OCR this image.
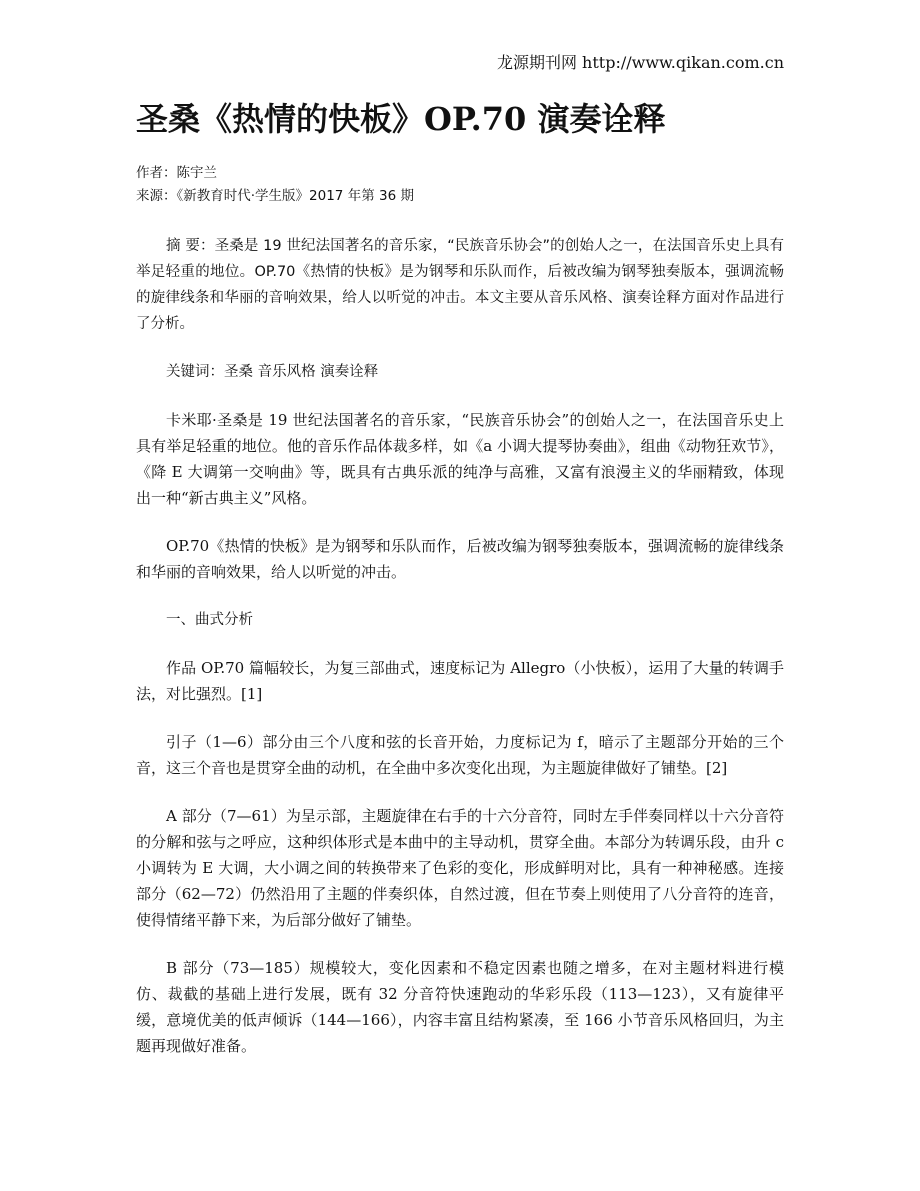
龙源期刊网 http://www.qikan.com.cn
圣桑《热情的快板》OP.70 演奏诠释
作者：陈宇兰
来源：《新教育时代·学生版》2017 年第 36 期

摘 要：圣桑是 19 世纪法国著名的音乐家，“民族音乐协会”的创始人之一，在法国音乐史上具有举足轻重的地位。OP.70《热情的快板》是为钢琴和乐队而作，后被改编为钢琴独奏版本，强调流畅的旋律线条和华丽的音响效果，给人以听觉的冲击。本文主要从音乐风格、演奏诠释方面对作品进行了分析。

关键词：圣桑 音乐风格 演奏诠释

卡米耶·圣桑是 19 世纪法国著名的音乐家，“民族音乐协会”的创始人之一，在法国音乐史上具有举足轻重的地位。他的音乐作品体裁多样，如《a 小调大提琴协奏曲》，组曲《动物狂欢节》，《降 E 大调第一交响曲》等，既具有古典乐派的纯净与高雅，又富有浪漫主义的华丽精致，体现出一种“新古典主义”风格。

OP.70《热情的快板》是为钢琴和乐队而作，后被改编为钢琴独奏版本，强调流畅的旋律线条和华丽的音响效果，给人以听觉的冲击。

一、曲式分析

作品 OP.70 篇幅较长，为复三部曲式，速度标记为 Allegro（小快板），运用了大量的转调手法，对比强烈。[1]

引子（1—6）部分由三个八度和弦的长音开始，力度标记为 f，暗示了主题部分开始的三个音，这三个音也是贯穿全曲的动机，在全曲中多次变化出现，为主题旋律做好了铺垫。[2]

A 部分（7—61）为呈示部，主题旋律在右手的十六分音符，同时左手伴奏同样以十六分音符的分解和弦与之呼应，这种织体形式是本曲中的主导动机，贯穿全曲。本部分为转调乐段，由升 c 小调转为 E 大调，大小调之间的转换带来了色彩的变化，形成鲜明对比，具有一种神秘感。连接部分（62—72）仍然沿用了主题的伴奏织体，自然过渡，但在节奏上则使用了八分音符的连音，使得情绪平静下来，为后部分做好了铺垫。

B 部分（73—185）规模较大，变化因素和不稳定因素也随之增多，在对主题材料进行模仿、裁截的基础上进行发展，既有 32 分音符快速跑动的华彩乐段（113—123），又有旋律平缓，意境优美的低声倾诉（144—166），内容丰富且结构紧凑，至 166 小节音乐风格回归，为主题再现做好准备。
